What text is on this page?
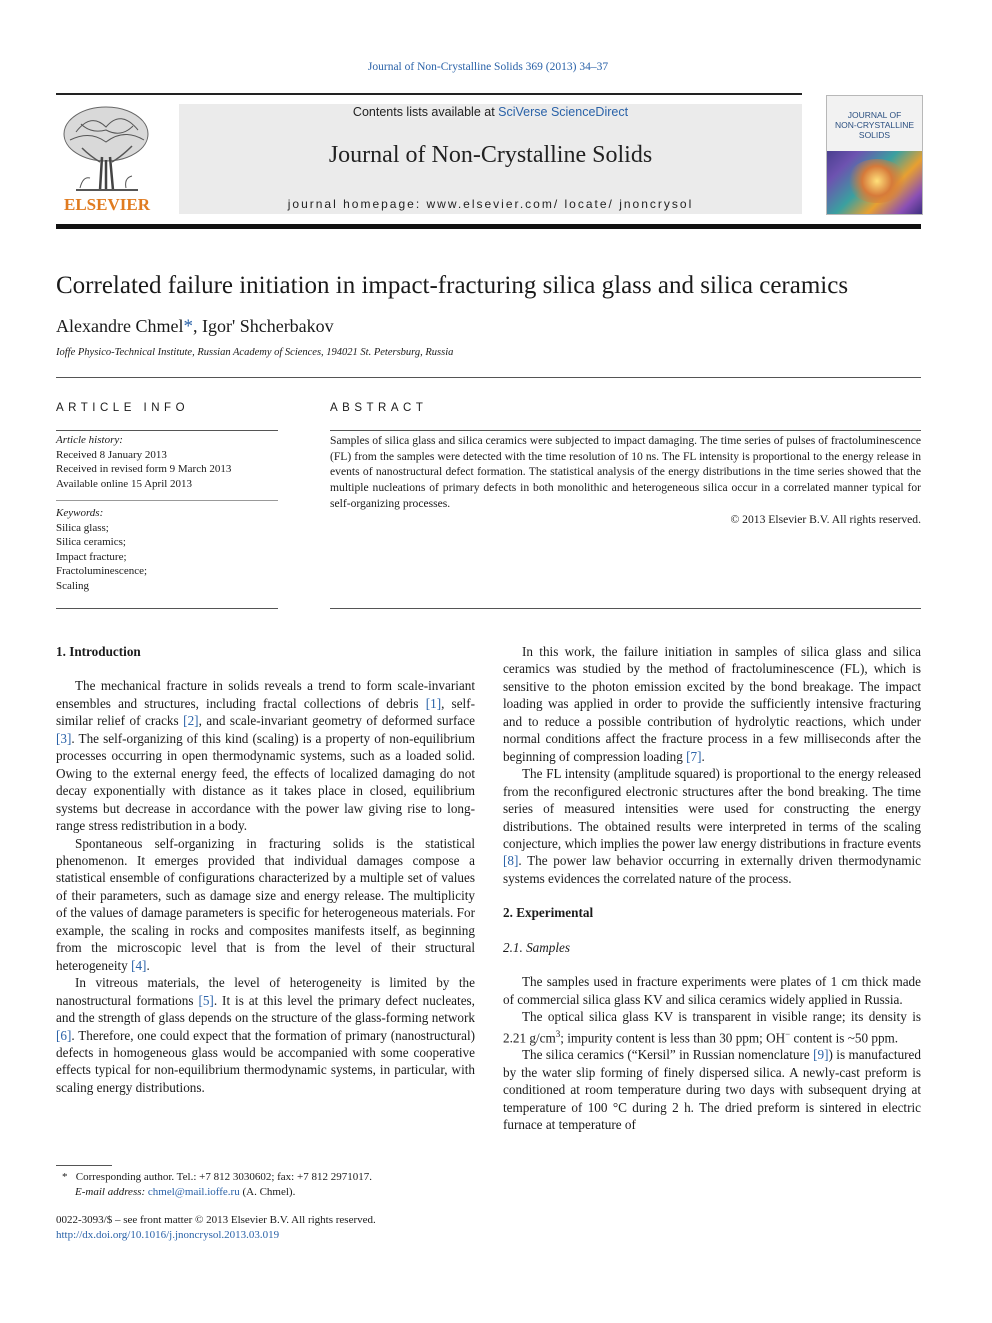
Journal of Non-Crystalline Solids 369 (2013) 34–37
ELSEVIER
Contents lists available at SciVerse ScienceDirect
Journal of Non-Crystalline Solids
journal homepage: www.elsevier.com/ locate/ jnoncrysol
JOURNAL OF
NON-CRYSTALLINE SOLIDS
Correlated failure initiation in impact-fracturing silica glass and silica ceramics
Alexandre Chmel*, Igor' Shcherbakov
Ioffe Physico-Technical Institute, Russian Academy of Sciences, 194021 St. Petersburg, Russia
ARTICLE INFO
Article history:
Received 8 January 2013
Received in revised form 9 March 2013
Available online 15 April 2013
Keywords:
Silica glass;
Silica ceramics;
Impact fracture;
Fractoluminescence;
Scaling
ABSTRACT
Samples of silica glass and silica ceramics were subjected to impact damaging. The time series of pulses of fractoluminescence (FL) from the samples were detected with the time resolution of 10 ns. The FL intensity is proportional to the energy release in events of nanostructural defect formation. The statistical analysis of the energy distributions in the time series showed that the multiple nucleations of primary defects in both monolithic and heterogeneous silica occur in a correlated manner typical for self-organizing processes.
© 2013 Elsevier B.V. All rights reserved.
1. Introduction

The mechanical fracture in solids reveals a trend to form scale-invariant ensembles and structures, including fractal collections of debris [1], self-similar relief of cracks [2], and scale-invariant geometry of deformed surface [3]. The self-organizing of this kind (scaling) is a property of non-equilibrium processes occurring in open thermodynamic systems, such as a loaded solid. Owing to the external energy feed, the effects of localized damaging do not decay exponentially with distance as it takes place in closed, equilibrium systems but decrease in accordance with the power law giving rise to long-range stress redistribution in a body.

Spontaneous self-organizing in fracturing solids is the statistical phenomenon. It emerges provided that individual damages compose a statistical ensemble of configurations characterized by a multiple set of values of their parameters, such as damage size and energy release. The multiplicity of the values of damage parameters is specific for heterogeneous materials. For example, the scaling in rocks and composites manifests itself, as beginning from the microscopic level that is from the level of their structural heterogeneity [4].

In vitreous materials, the level of heterogeneity is limited by the nanostructural formations [5]. It is at this level the primary defect nucleates, and the strength of glass depends on the structure of the glass-forming network [6]. Therefore, one could expect that the formation of primary (nanostructural) defects in homogeneous glass would be accompanied with some cooperative effects typical for non-equilibrium thermodynamic systems, in particular, with scaling energy distributions.

In this work, the failure initiation in samples of silica glass and silica ceramics was studied by the method of fractoluminescence (FL), which is sensitive to the photon emission excited by the bond breakage. The impact loading was applied in order to provide the sufficiently intensive fracturing and to reduce a possible contribution of hydrolytic reactions, which under normal conditions affect the fracture process in a few milliseconds after the beginning of compression loading [7].

The FL intensity (amplitude squared) is proportional to the energy released from the reconfigured electronic structures after the bond breaking. The time series of measured intensities were used for constructing the energy distributions. The obtained results were interpreted in terms of the scaling conjecture, which implies the power law energy distributions in fracture events [8]. The power law behavior occurring in externally driven thermodynamic systems evidences the correlated nature of the process.

2. Experimental
2.1. Samples

The samples used in fracture experiments were plates of 1 cm thick made of commercial silica glass KV and silica ceramics widely applied in Russia.

The optical silica glass KV is transparent in visible range; its density is 2.21 $g/cm^3$; impurity content is less than 30 ppm; OH− content is ~50 ppm.

The silica ceramics (“Kersil” in Russian nomenclature [9]) is manufactured by the water slip forming of finely dispersed silica. A newly-cast preform is conditioned at room temperature during two days with subsequent drying at temperature of 100 °C during 2 h. The dried preform is sintered in electric furnace at temperature of

* Corresponding author. Tel.: +7 812 3030602; fax: +7 812 2971017.
E-mail address: chmel@mail.ioffe.ru (A. Chmel).
0022-3093/$ – see front matter © 2013 Elsevier B.V. All rights reserved.
http://dx.doi.org/10.1016/j.jnoncrysol.2013.03.019
